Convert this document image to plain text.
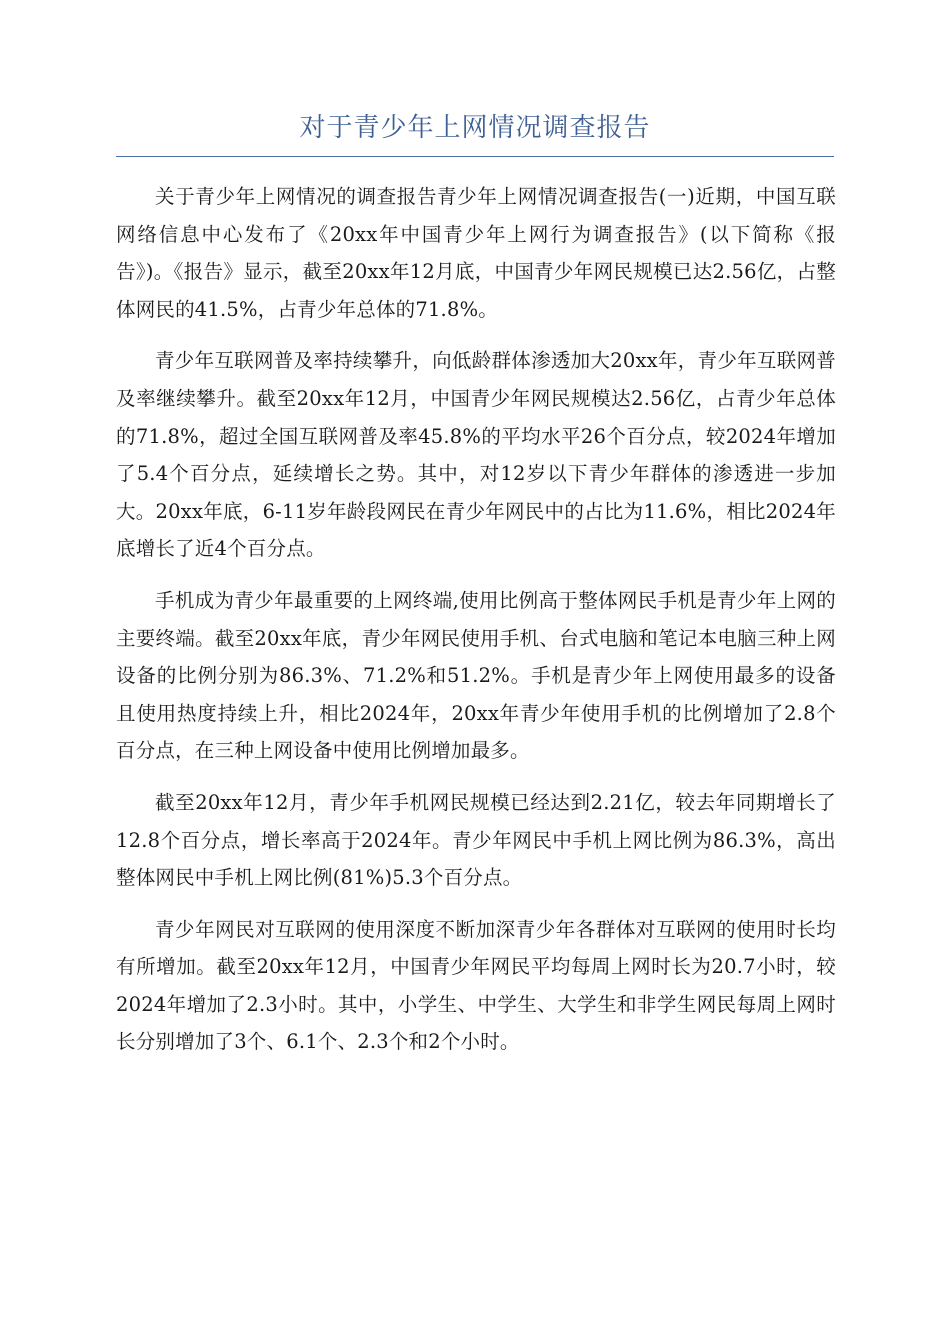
对于青少年上网情况调查报告

关于青少年上网情况的调查报告青少年上网情况调查报告(一)近期，中国互联网络信息中心发布了《20xx年中国青少年上网行为调查报告》(以下简称《报告》)。《报告》显示，截至20xx年12月底，中国青少年网民规模已达2.56亿，占整体网民的41.5%，占青少年总体的71.8%。

青少年互联网普及率持续攀升，向低龄群体渗透加大20xx年，青少年互联网普及率继续攀升。截至20xx年12月，中国青少年网民规模达2.56亿，占青少年总体的71.8%，超过全国互联网普及率45.8%的平均水平26个百分点，较2024年增加了5.4个百分点，延续增长之势。其中，对12岁以下青少年群体的渗透进一步加大。20xx年底，6-11岁年龄段网民在青少年网民中的占比为11.6%，相比2024年底增长了近4个百分点。

手机成为青少年最重要的上网终端,使用比例高于整体网民手机是青少年上网的主要终端。截至20xx年底，青少年网民使用手机、台式电脑和笔记本电脑三种上网设备的比例分别为86.3%、71.2%和51.2%。手机是青少年上网使用最多的设备且使用热度持续上升，相比2024年，20xx年青少年使用手机的比例增加了2.8个百分点，在三种上网设备中使用比例增加最多。

截至20xx年12月，青少年手机网民规模已经达到2.21亿，较去年同期增长了12.8个百分点，增长率高于2024年。青少年网民中手机上网比例为86.3%，高出整体网民中手机上网比例(81%)5.3个百分点。

青少年网民对互联网的使用深度不断加深青少年各群体对互联网的使用时长均有所增加。截至20xx年12月，中国青少年网民平均每周上网时长为20.7小时，较2024年增加了2.3小时。其中，小学生、中学生、大学生和非学生网民每周上网时长分别增加了3个、6.1个、2.3个和2个小时。
